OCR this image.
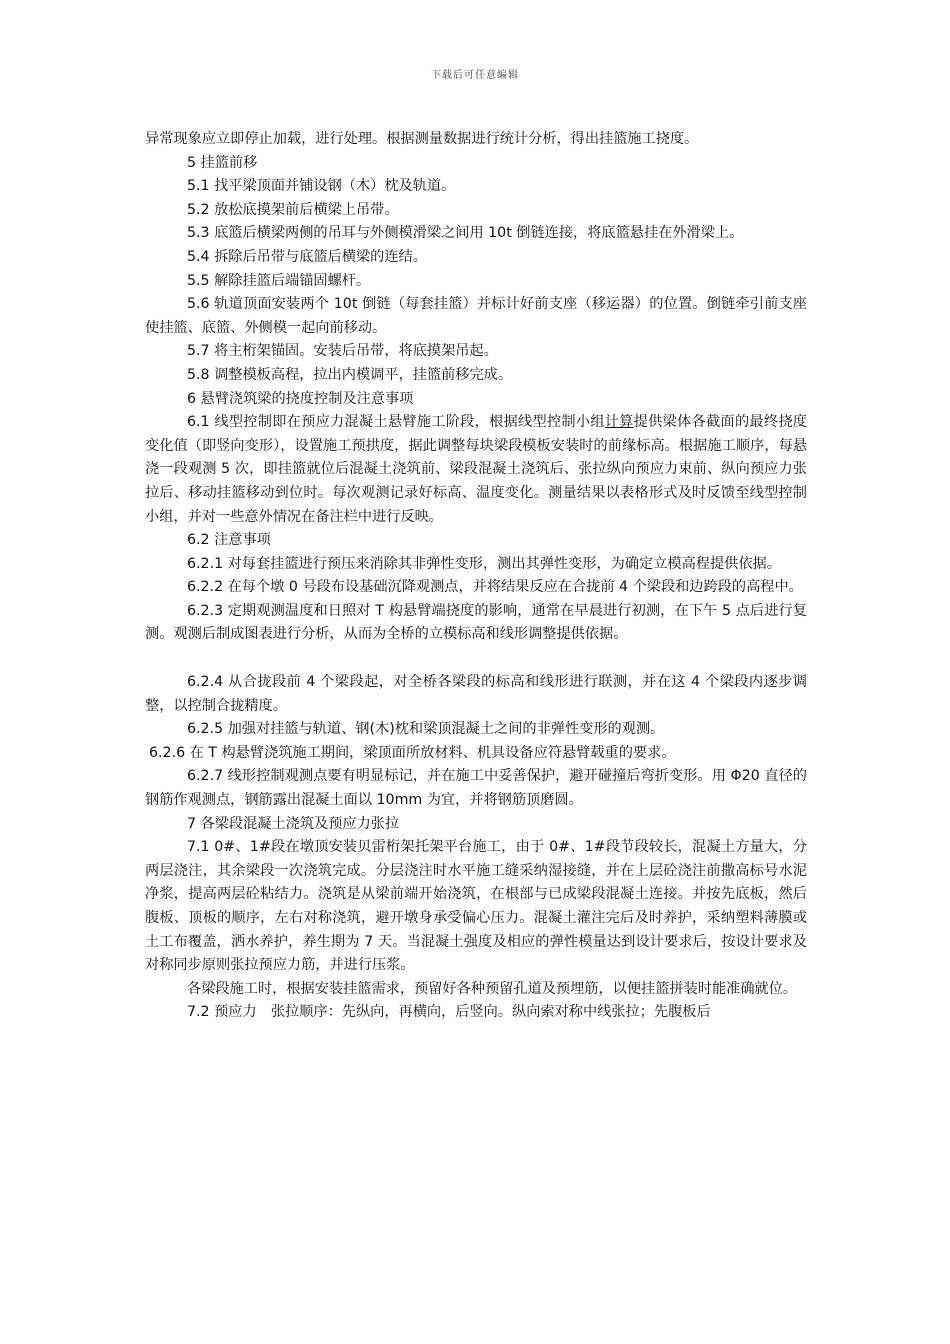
下载后可任意编辑

异常现象应立即停止加载，进行处理。根据测量数据进行统计分析，得出挂篮施工挠度。

5 挂篮前移

5.1 找平梁顶面并铺设钢（木）枕及轨道。

5.2 放松底摸架前后横梁上吊带。

5.3 底篮后横梁两侧的吊耳与外侧模滑梁之间用 10t 倒链连接，将底篮悬挂在外滑梁上。

5.4 拆除后吊带与底篮后横梁的连结。

5.5 解除挂篮后端锚固螺杆。

5.6 轨道顶面安装两个 10t 倒链（每套挂篮）并标计好前支座（移运器）的位置。倒链牵引前支座使挂篮、底篮、外侧模一起向前移动。

5.7 将主桁架锚固。安装后吊带，将底摸架吊起。

5.8 调整模板高程，拉出内模调平，挂篮前移完成。

6 悬臂浇筑梁的挠度控制及注意事项

6.1 线型控制即在预应力混凝土悬臂施工阶段，根据线型控制小组计算提供梁体各截面的最终挠度变化值（即竖向变形），设置施工预拱度，据此调整每块梁段模板安装时的前缘标高。根据施工顺序，每悬浇一段观测 5 次，即挂篮就位后混凝土浇筑前、梁段混凝土浇筑后、张拉纵向预应力束前、纵向预应力张拉后、移动挂篮移动到位时。每次观测记录好标高、温度变化。测量结果以表格形式及时反馈至线型控制小组，并对一些意外情况在备注栏中进行反映。

6.2 注意事项

6.2.1 对每套挂篮进行预压来消除其非弹性变形，测出其弹性变形，为确定立模高程提供依据。

6.2.2 在每个墩 0 号段布设基础沉降观测点，并将结果反应在合拢前 4 个梁段和边跨段的高程中。

6.2.3 定期观测温度和日照对 T 构悬臂端挠度的影响，通常在早晨进行初测，在下午 5 点后进行复测。观测后制成图表进行分析，从而为全桥的立模标高和线形调整提供依据。

6.2.4 从合拢段前 4 个梁段起，对全桥各梁段的标高和线形进行联测，并在这 4 个梁段内逐步调整，以控制合拢精度。

6.2.5 加强对挂篮与轨道、钢(木)枕和梁顶混凝土之间的非弹性变形的观测。

6.2.6 在 T 构悬臂浇筑施工期间，梁顶面所放材料、机具设备应符悬臂载重的要求。

6.2.7 线形控制观测点要有明显标记，并在施工中妥善保护，避开碰撞后弯折变形。用 Φ20 直径的钢筋作观测点，钢筋露出混凝土面以 10mm 为宜，并将钢筋顶磨圆。

7 各梁段混凝土浇筑及预应力张拉

7.1 0#、1#段在墩顶安装贝雷桁架托架平台施工，由于 0#、1#段节段较长，混凝土方量大，分两层浇注，其余梁段一次浇筑完成。分层浇注时水平施工缝采纳湿接缝，并在上层砼浇注前撒高标号水泥净浆，提高两层砼粘结力。浇筑是从梁前端开始浇筑，在根部与已成梁段混凝土连接。并按先底板，然后腹板、顶板的顺序，左右对称浇筑，避开墩身承受偏心压力。混凝土灌注完后及时养护，采纳塑料薄膜或土工布覆盖，洒水养护，养生期为 7 天。当混凝土强度及相应的弹性模量达到设计要求后，按设计要求及对称同步原则张拉预应力筋，并进行压浆。

各梁段施工时，根据安装挂篮需求，预留好各种预留孔道及预埋筋，以便挂篮拼装时能准确就位。

7.2 预应力　张拉顺序：先纵向，再横向，后竖向。纵向索对称中线张拉；先腹板后
